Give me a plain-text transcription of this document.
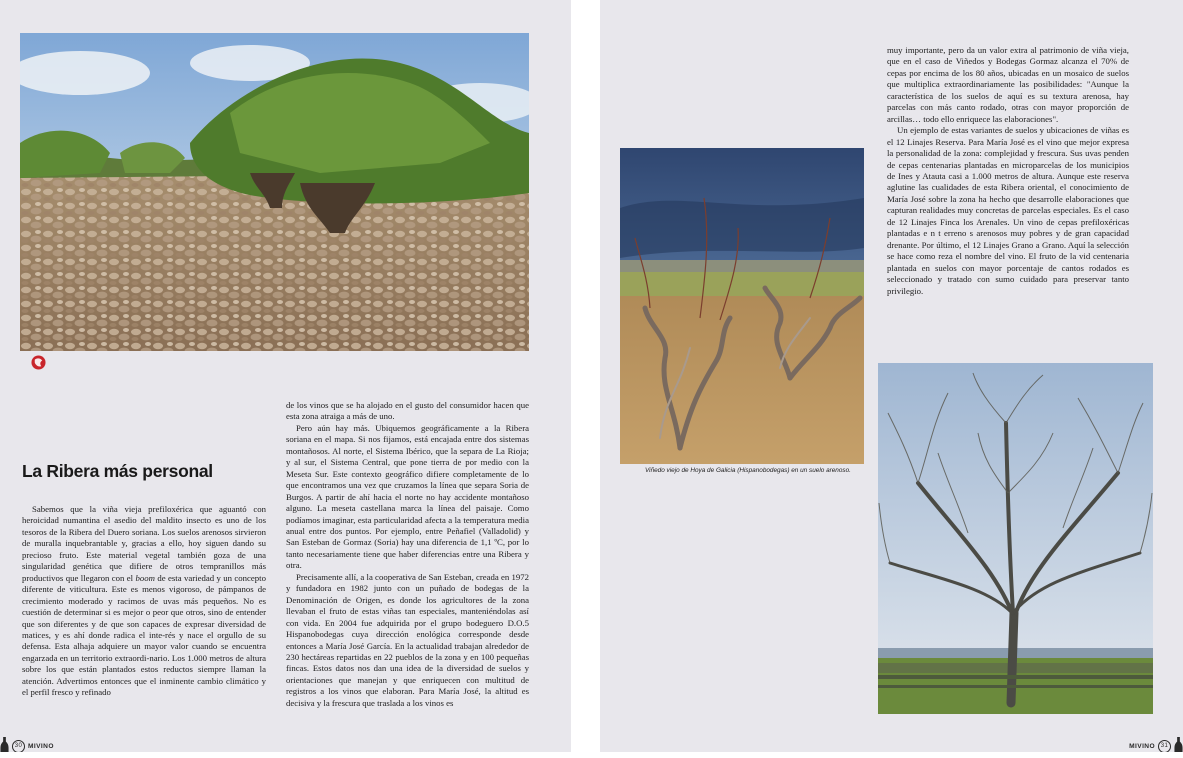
La Ribera más personal

Sabemos que la viña vieja prefiloxérica que aguantó con heroicidad numantina el asedio del maldito insecto es uno de los tesoros de la Ribera del Duero soriana. Los suelos arenosos sirvieron de muralla inquebrantable y, gracias a ello, hoy siguen dando su precioso fruto. Este material vegetal también goza de una singularidad genética que difiere de otros tempranillos más productivos que llegaron con el boom de esta variedad y un concepto diferente de viticultura. Este es menos vigoroso, de pámpanos de crecimiento moderado y racimos de uvas más pequeños. No es cuestión de determinar si es mejor o peor que otros, sino de entender que son diferentes y de que son capaces de expresar diversidad de matices, y es ahí donde radica el inte-rés y nace el orgullo de su defensa. Esta alhaja adquiere un mayor valor cuando se encuentra engarzada en un territorio extraordi-nario. Los 1.000 metros de altura sobre los que están plantados estos reductos siempre llaman la atención. Advertimos entonces que el inminente cambio climático y el perfil fresco y refinado

de los vinos que se ha alojado en el gusto del consumidor hacen que esta zona atraiga a más de uno.

Pero aún hay más. Ubiquemos geográficamente a la Ribera soriana en el mapa. Si nos fijamos, está encajada entre dos sistemas montañosos. Al norte, el Sistema Ibérico, que la separa de La Rioja; y al sur, el Sistema Central, que pone tierra de por medio con la Meseta Sur. Este contexto geográfico difiere completamente de lo que encontramos una vez que cruzamos la línea que separa Soria de Burgos. A partir de ahí hacia el norte no hay accidente montañoso alguno. La meseta castellana marca la línea del paisaje. Como podíamos imaginar, esta particularidad afecta a la temperatura media anual entre dos puntos. Por ejemplo, entre Peñafiel (Valladolid) y San Esteban de Gormaz (Soria) hay una diferencia de 1,1 ºC, por lo tanto necesariamente tiene que haber diferencias entre una Ribera y otra.

Precisamente allí, a la cooperativa de San Esteban, creada en 1972 y fundadora en 1982 junto con un puñado de bodegas de la Denominación de Origen, es donde los agricultores de la zona llevaban el fruto de estas viñas tan especiales, manteniéndolas así con vida. En 2004 fue adquirida por el grupo bodeguero D.O.5 Hispanobodegas cuya dirección enológica corresponde desde entonces a María José García. En la actualidad trabajan alrededor de 230 hectáreas repartidas en 22 pueblos de la zona y en 100 pequeñas fincas. Estos datos nos dan una idea de la diversidad de suelos y orientaciones que manejan y que enriquecen con multitud de registros a los vinos que elaboran. Para María José, la altitud es decisiva y la frescura que traslada a los vinos es

30 MIVINO

muy importante, pero da un valor extra al patrimonio de viña vieja, que en el caso de Viñedos y Bodegas Gormaz alcanza el 70% de cepas por encima de los 80 años, ubicadas en un mosaico de suelos que multiplica extraordinariamente las posibilidades: "Aunque la característica de los suelos de aquí es su textura arenosa, hay parcelas con más canto rodado, otras con mayor proporción de arcillas… todo ello enriquece las elaboraciones".

Un ejemplo de estas variantes de suelos y ubicaciones de viñas es el 12 Linajes Reserva. Para María José es el vino que mejor expresa la personalidad de la zona: complejidad y frescura. Sus uvas penden de cepas centenarias plantadas en microparcelas de los municipios de Ines y Atauta casi a 1.000 metros de altura. Aunque este reserva aglutine las cualidades de esta Ribera oriental, el conocimiento de María José sobre la zona ha hecho que desarrolle elaboraciones que capturan realidades muy concretas de parcelas especiales. Es el caso de 12 Linajes Finca los Arenales. Un vino de cepas prefiloxéricas plantadas e n t erreno s arenosos muy pobres y de gran capacidad drenante. Por último, el 12 Linajes Grano a Grano. Aquí la selección se hace como reza el nombre del vino. El fruto de la vid centenaria plantada en suelos con mayor porcentaje de cantos rodados es seleccionado y tratado con sumo cuidado para preservar tanto privilegio.

Viñedo viejo de Hoya de Galicia (Hispanobodegas) en un suelo arenoso.
MIVINO 31
